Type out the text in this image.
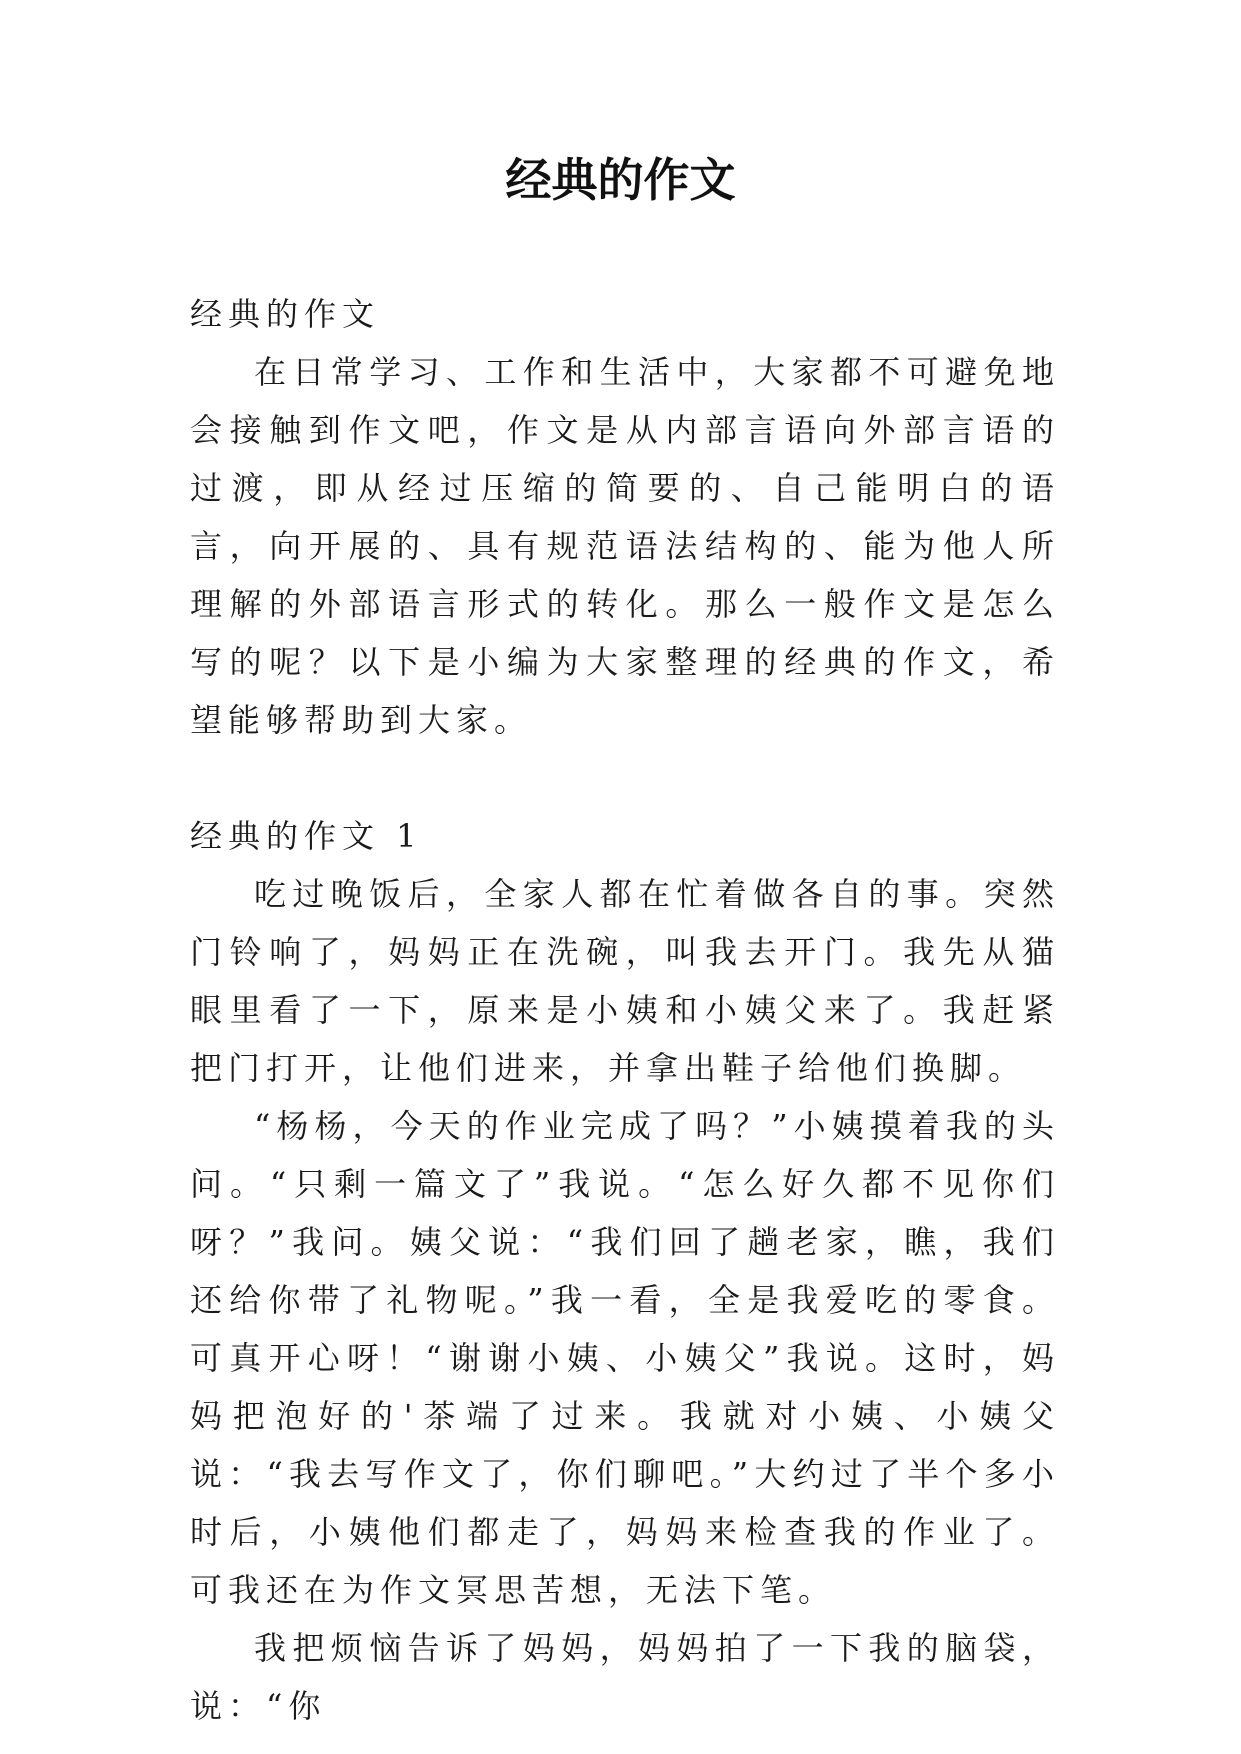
经典的作文

经典的作文

在日常学习、工作和生活中，大家都不可避免地会接触到作文吧，作文是从内部言语向外部言语的过渡，即从经过压缩的简要的、自己能明白的语言，向开展的、具有规范语法结构的、能为他人所理解的外部语言形式的转化。那么一般作文是怎么写的呢？以下是小编为大家整理的经典的作文，希望能够帮助到大家。

经典的作文 1

吃过晚饭后，全家人都在忙着做各自的事。突然门铃响了，妈妈正在洗碗，叫我去开门。我先从猫眼里看了一下，原来是小姨和小姨父来了。我赶紧把门打开，让他们进来，并拿出鞋子给他们换脚。

“杨杨，今天的作业完成了吗？”小姨摸着我的头问。“只剩一篇文了”我说。“怎么好久都不见你们呀？”我问。姨父说：“我们回了趟老家，瞧，我们还给你带了礼物呢。”我一看，全是我爱吃的零食。可真开心呀！“谢谢小姨、小姨父”我说。这时，妈妈把泡好的'茶端了过来。我就对小姨、小姨父说：“我去写作文了，你们聊吧。”大约过了半个多小时后，小姨他们都走了，妈妈来检查我的作业了。可我还在为作文冥思苦想，无法下笔。

我把烦恼告诉了妈妈，妈妈拍了一下我的脑袋，说：“你
